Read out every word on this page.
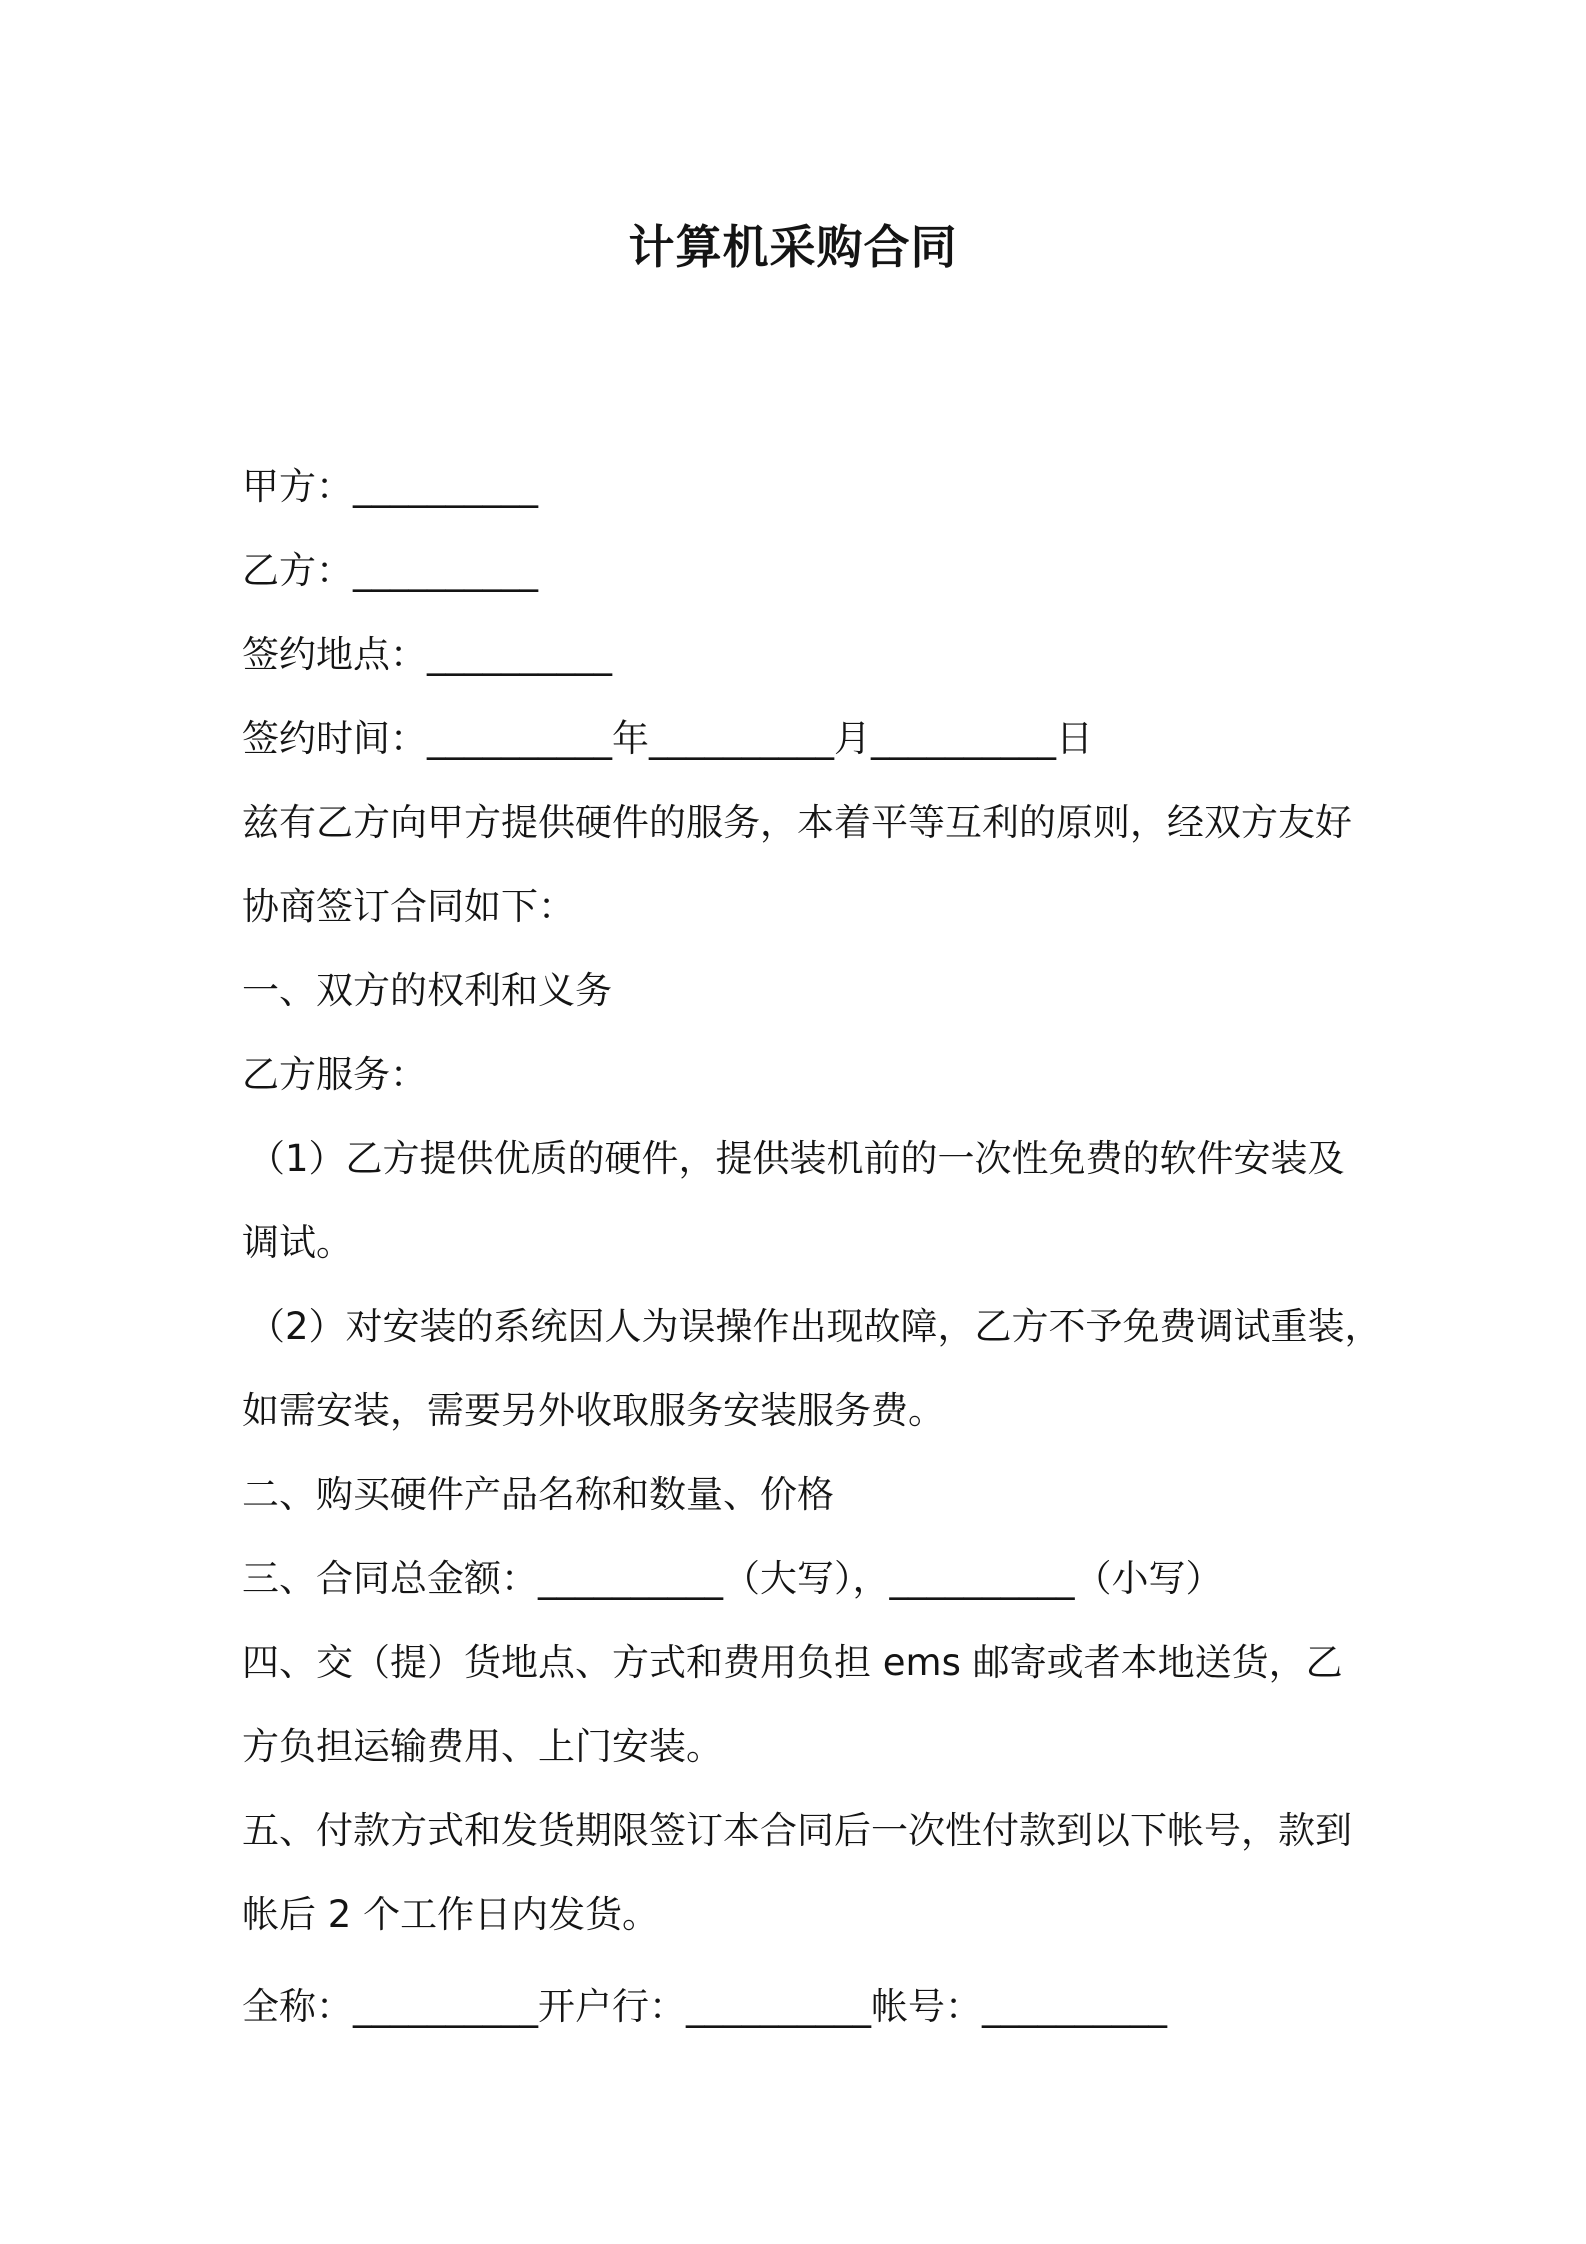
计算机采购合同
甲方：__________
乙方：__________
签约地点：__________
签约时间：__________年__________月__________日
兹有乙方向甲方提供硬件的服务，本着平等互利的原则，经双方友好
协商签订合同如下：
一、双方的权利和义务
乙方服务：
（1）乙方提供优质的硬件，提供装机前的一次性免费的软件安装及
调试。
（2）对安装的系统因人为误操作出现故障，乙方不予免费调试重装，
如需安装，需要另外收取服务安装服务费。
二、购买硬件产品名称和数量、价格
三、合同总金额：__________（大写），__________（小写）
四、交（提）货地点、方式和费用负担 ems 邮寄或者本地送货，乙
方负担运输费用、上门安装。
五、付款方式和发货期限签订本合同后一次性付款到以下帐号，款到
帐后 2 个工作日内发货。
全称：__________开户行：__________帐号：__________
